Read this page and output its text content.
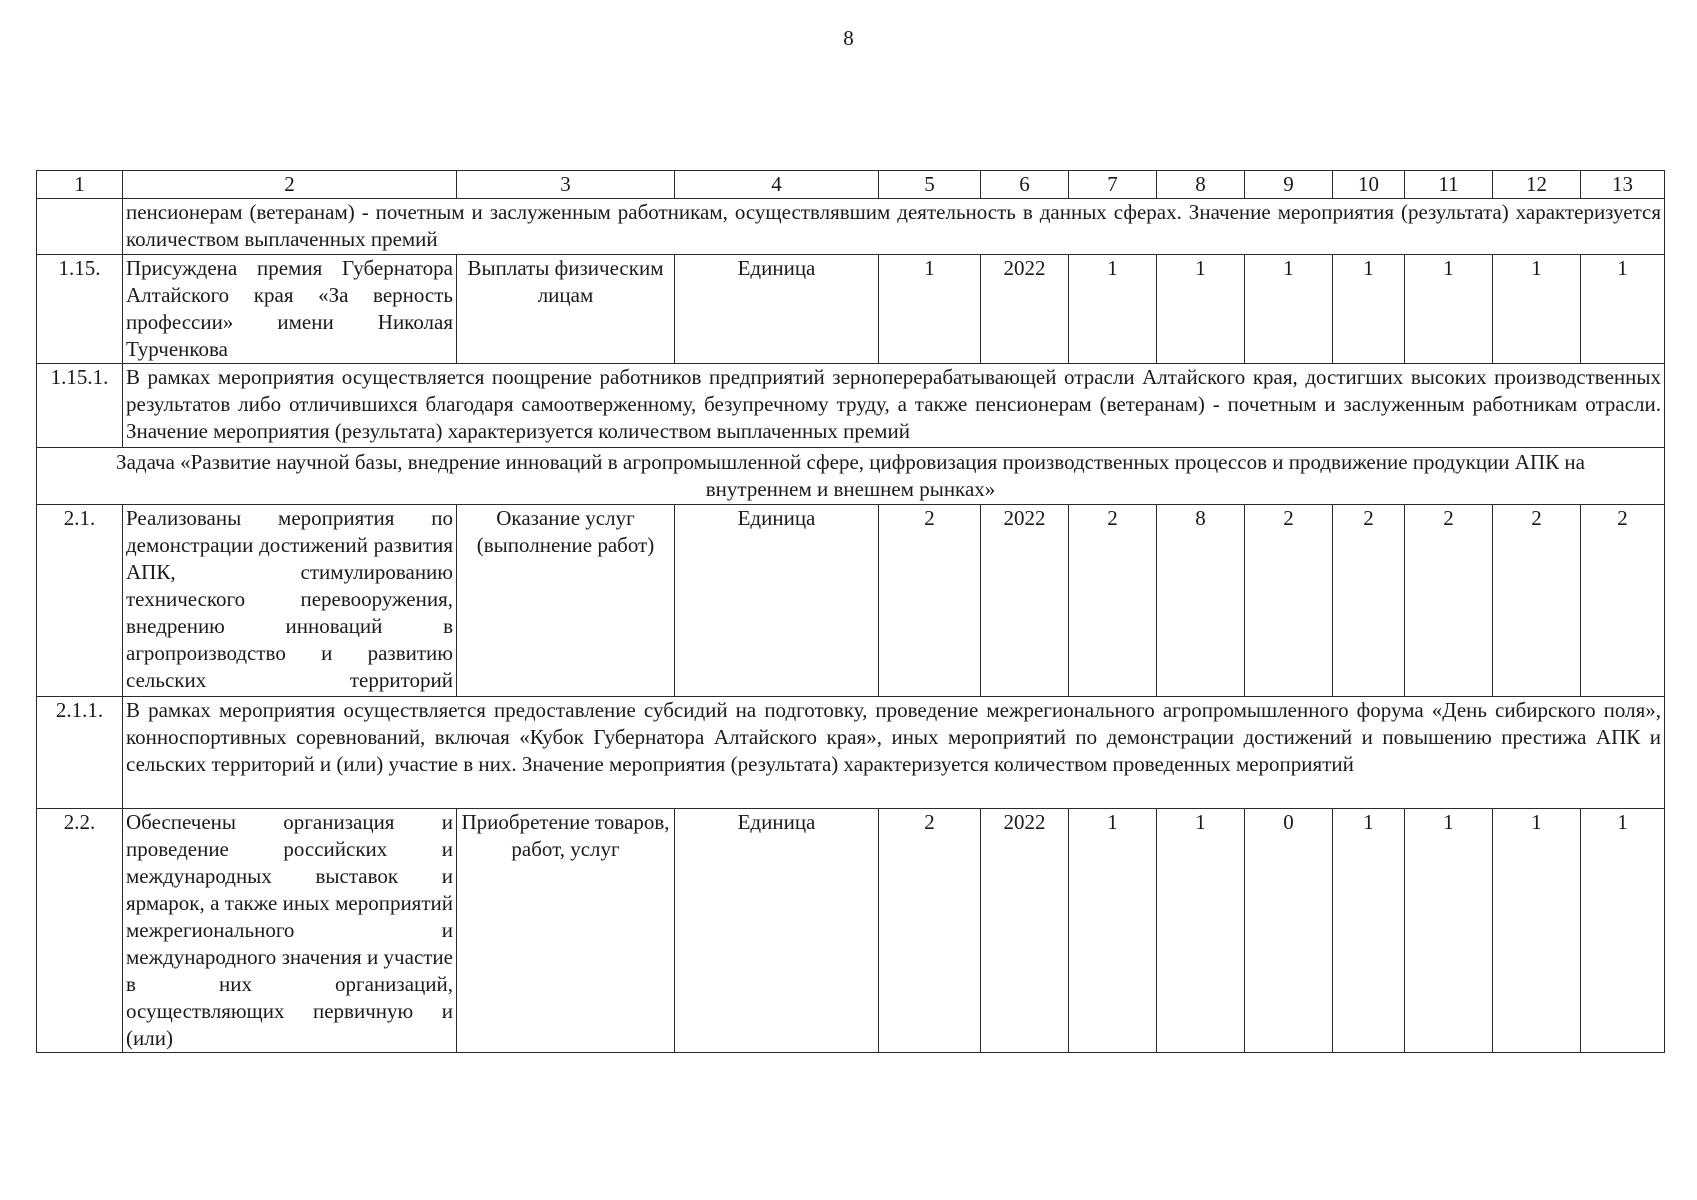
8
1	2	3	4	5	6	7	8	9	10	11	12	13
	пенсионерам (ветеранам) - почетным и заслуженным работникам, осуществлявшим деятельность в данных сферах. Значение мероприятия (результата) характеризуется количеством выплаченных премий											
1.15.	Присуждена премия Губернатора Алтайского края «За верность профессии» имени Николая Турченкова	Выплаты физическим лицам	Единица	1	2022	1	1	1	1	1	1	1
1.15.1.	В рамках мероприятия осуществляется поощрение работников предприятий зерноперерабатывающей отрасли Алтайского края, достигших высоких производственных результатов либо отличившихся благодаря самоотверженному, безупречному труду, а также пенсионерам (ветеранам) - почетным и заслуженным работникам отрасли. Значение мероприятия (результата) характеризуется количеством выплаченных премий											
Задача «Развитие научной базы, внедрение инноваций в агропромышленной сфере, цифровизация производственных процессов и продвижение продукции АПК на внутреннем и внешнем рынках»												
2.1.	Реализованы мероприятия по демонстрации достижений развития АПК, стимулированию технического перевооружения, внедрению инноваций в агропроизводство и развитию сельских территорий	Оказание услуг (выполнение работ)	Единица	2	2022	2	8	2	2	2	2	2
2.1.1.	В рамках мероприятия осуществляется предоставление субсидий на подготовку, проведение межрегионального агропромышленного форума «День сибирского поля», конноспортивных соревнований, включая «Кубок Губернатора Алтайского края», иных мероприятий по демонстрации достижений и повышению престижа АПК и сельских территорий и (или) участие в них. Значение мероприятия (результата) характеризуется количеством проведенных мероприятий											
2.2.	Обеспечены организация и проведение российских и международных выставок и ярмарок, а также иных мероприятий межрегионального и международного значения и участие в них организаций, осуществляющих первичную и (или)	Приобретение товаров, работ, услуг	Единица	2	2022	1	1	0	1	1	1	1
